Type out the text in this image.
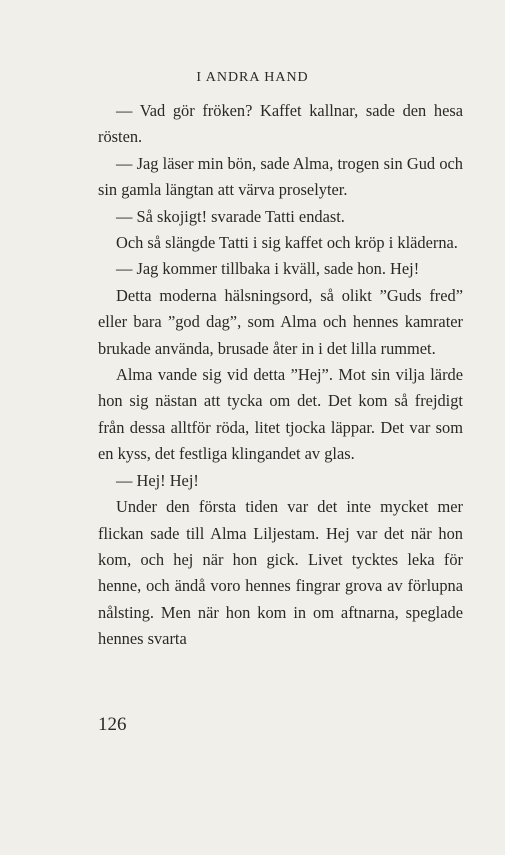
I ANDRA HAND

— Vad gör fröken? Kaffet kallnar, sade den hesa rösten.

— Jag läser min bön, sade Alma, trogen sin Gud och sin gamla längtan att värva proselyter.

— Så skojigt! svarade Tatti endast.

Och så slängde Tatti i sig kaffet och kröp i kläderna.

— Jag kommer tillbaka i kväll, sade hon. Hej!

Detta moderna hälsningsord, så olikt ”Guds fred” eller bara ”god dag”, som Alma och hennes kamrater brukade använda, brusade åter in i det lilla rummet.

Alma vande sig vid detta ”Hej”. Mot sin vilja lärde hon sig nästan att tycka om det. Det kom så frejdigt från dessa alltför röda, litet tjocka läppar. Det var som en kyss, det festliga klingandet av glas.

— Hej! Hej!

Under den första tiden var det inte mycket mer flickan sade till Alma Liljestam. Hej var det när hon kom, och hej när hon gick. Livet tycktes leka för henne, och ändå voro hennes fingrar grova av förlupna nålsting. Men när hon kom in om aftnarna, speglade hennes svarta

126
